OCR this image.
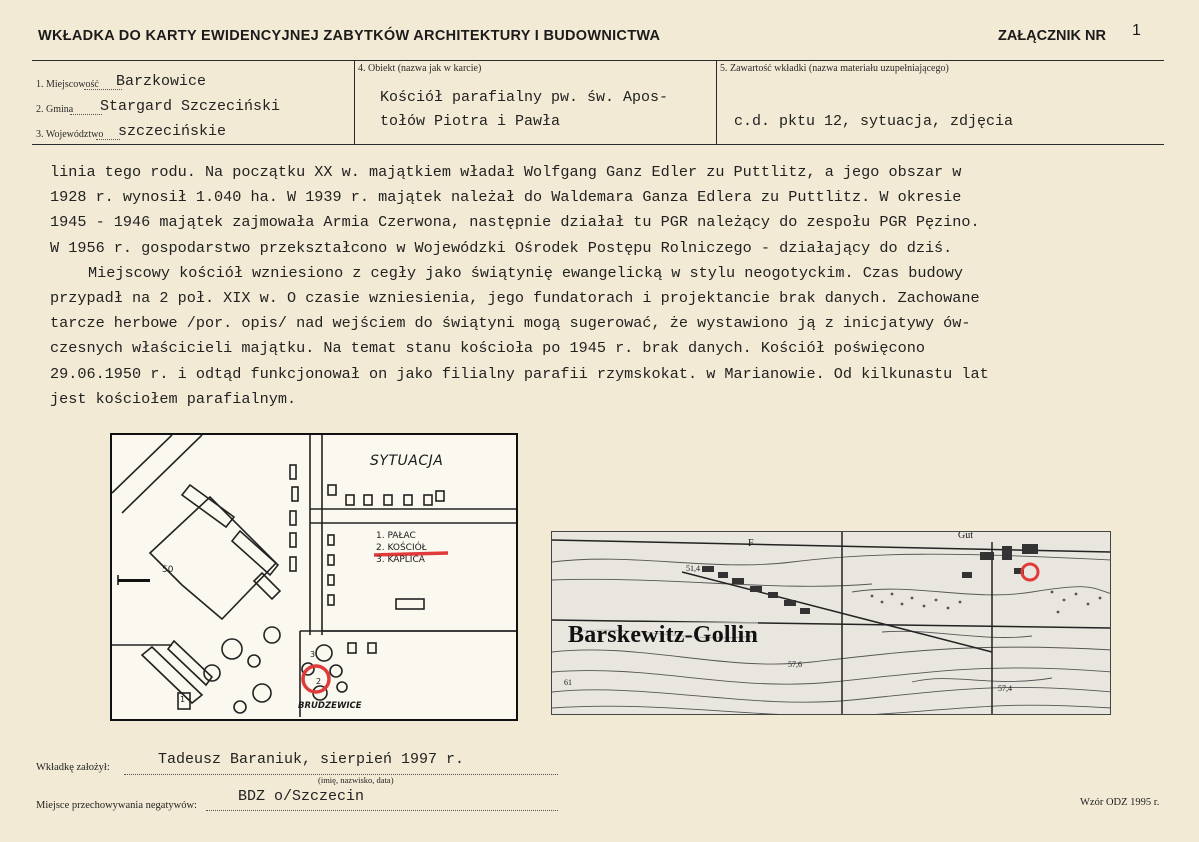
WKŁADKA DO KARTY EWIDENCYJNEJ ZABYTKÓW ARCHITEKTURY I BUDOWNICTWA	ZAŁĄCZNIK NR 1
1. Miejscowość Barzkowice
2. Gmina Stargard Szczeciński
3. Województwo szczecińskie
4. Obiekt (nazwa jak w karcie)
Kościół parafialny pw. św. Apos-
tołów Piotra i Pawła
5. Zawartość wkładki (nazwa materiału uzupełniającego)
c.d. pktu 12, sytuacja, zdjęcia
linia tego rodu. Na początku XX w. majątkiem władał Wolfgang Ganz Edler zu Puttlitz, a jego obszar w
1928 r. wynosił 1.040 ha. W 1939 r. majątek należał do Waldemara Ganza Edlera zu Puttlitz. W okresie
1945 - 1946 majątek zajmowała Armia Czerwona, następnie działał tu PGR należący do zespołu PGR Pęzino.
W 1956 r. gospodarstwo przekształcono w Wojewódzki Ośrodek Postępu Rolniczego - działający do dziś.
Miejscowy kościół wzniesiono z cegły jako świątynię ewangelicką w stylu neogotyckim. Czas budowy
przypadł na 2 poł. XIX w. O czasie wzniesienia, jego fundatorach i projektancie brak danych. Zachowane
tarcze herbowe /por. opis/ nad wejściem do świątyni mogą sugerować, że wystawiono ją z inicjatywy ów-
czesnych właścicieli majątku. Na temat stanu kościoła po 1945 r. brak danych. Kościół poświęcono
29.06.1950 r. i odtąd funkcjonował on jako filialny parafii rzymskokat. w Marianowie. Od kilkunastu lat
jest kościołem parafialnym.
SYTUACJA
1. PAŁAC
2. KOŚCIÓŁ
3. KAPLICA
50
BRUDZEWICE
3
2
1
Barskewitz-Gollin
51,4
57,6
57,4
61
F
Gut
Wkładkę założył:	Tadeusz Baraniuk, sierpień 1997 r.
(imię, nazwisko, data)
Miejsce przechowywania negatywów:
BDZ o/Szczecin	Wzór ODZ 1995 r.
